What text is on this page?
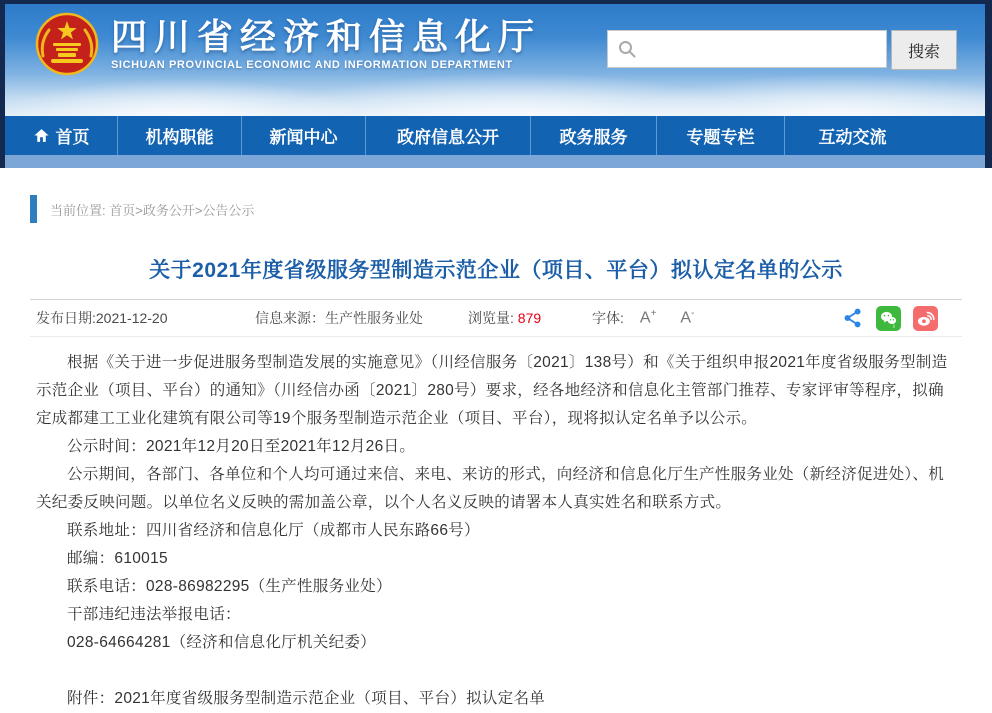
四川省经济和信息化厅
SICHUAN PROVINCIAL ECONOMIC AND INFORMATION DEPARTMENT
搜索
首页	机构职能	新闻中心	政府信息公开	政务服务	专题专栏	互动交流
当前位置: 首页>政务公开>公告公示
关于2021年度省级服务型制造示范企业（项目、平台）拟认定名单的公示
发布日期:2021-12-20	信息来源：生产性服务业处	浏览量: 879	字体: A+ A-

根据《关于进一步促进服务型制造发展的实施意见》（川经信服务〔2021〕138号）和《关于组织申报2021年度省级服务型制造示范企业（项目、平台）的通知》（川经信办函〔2021〕280号）要求，经各地经济和信息化主管部门推荐、专家评审等程序，拟确定成都建工工业化建筑有限公司等19个服务型制造示范企业（项目、平台），现将拟认定名单予以公示。

公示时间：2021年12月20日至2021年12月26日。

公示期间，各部门、各单位和个人均可通过来信、来电、来访的形式，向经济和信息化厅生产性服务业处（新经济促进处）、机关纪委反映问题。以单位名义反映的需加盖公章，以个人名义反映的请署本人真实姓名和联系方式。

联系地址：四川省经济和信息化厅（成都市人民东路66号）

邮编：610015

联系电话：028-86982295（生产性服务业处）

干部违纪违法举报电话：

028-64664281（经济和信息化厅机关纪委）

附件：2021年度省级服务型制造示范企业（项目、平台）拟认定名单
